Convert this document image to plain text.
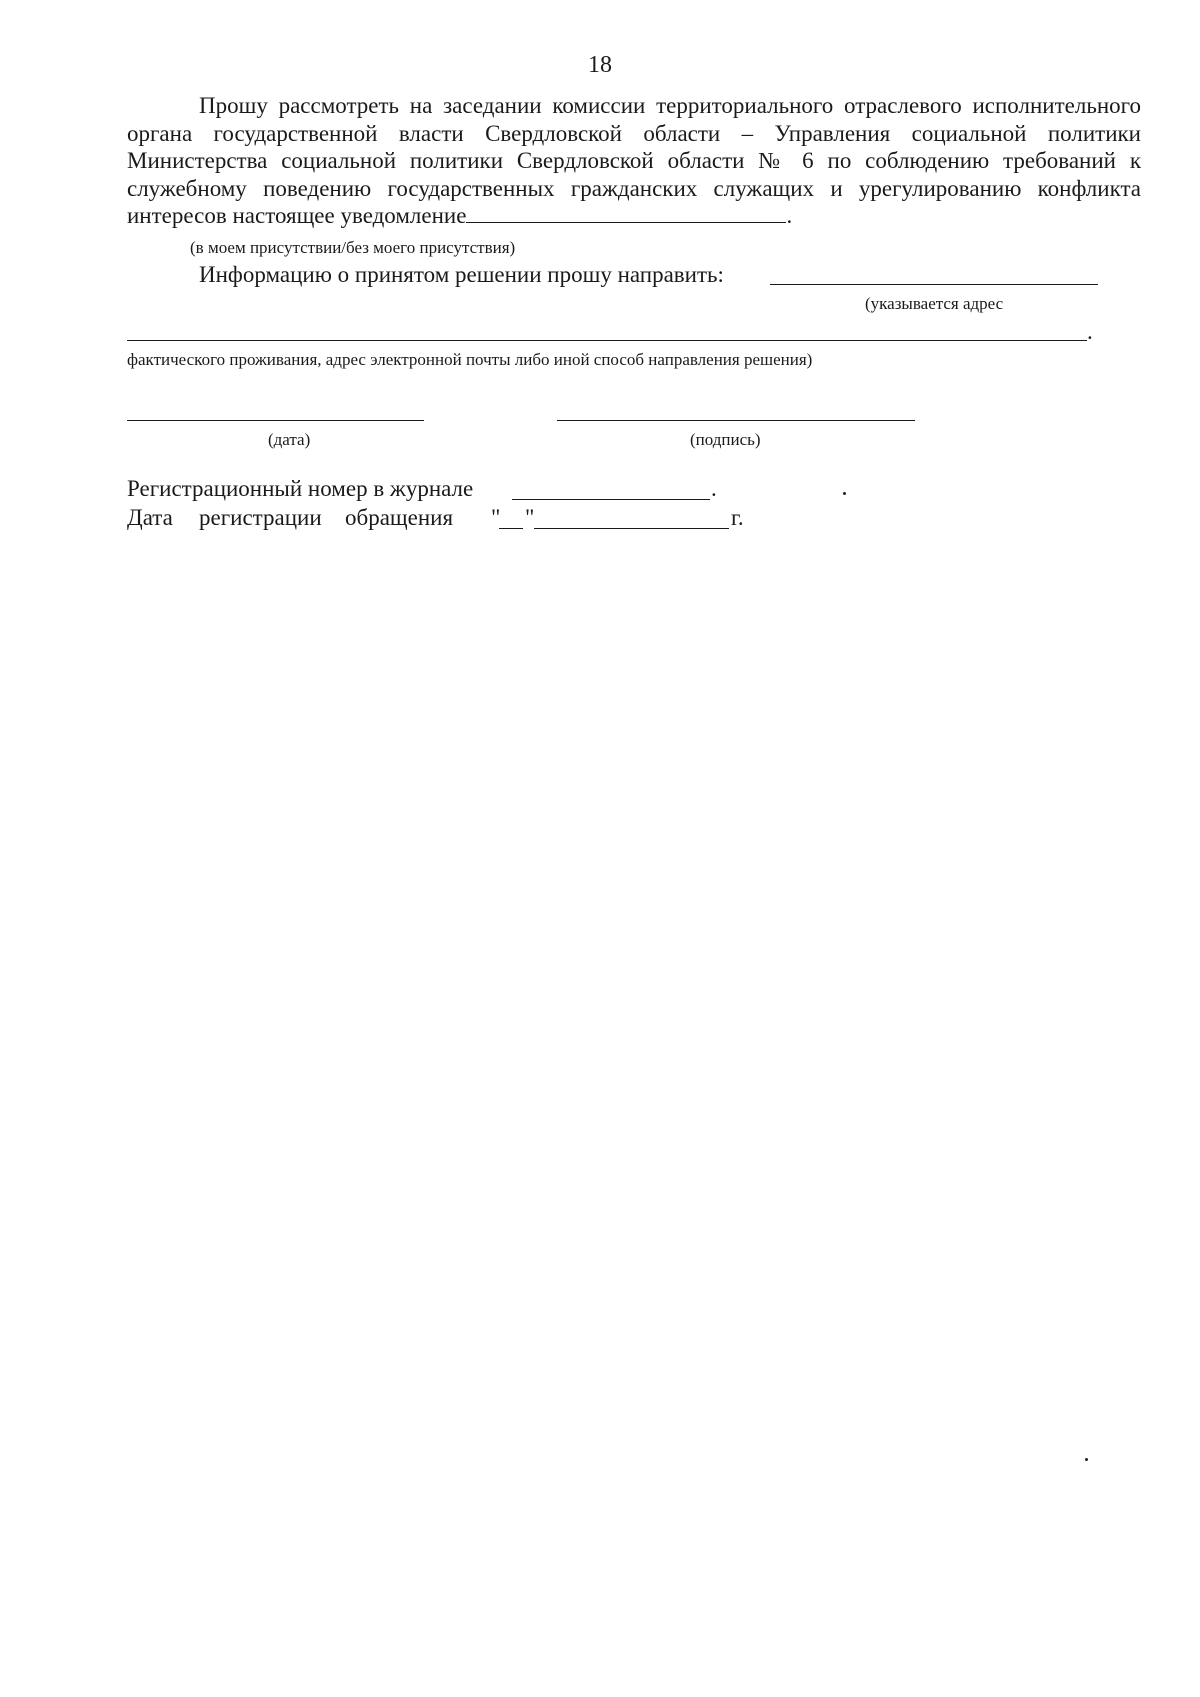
18
Прошу рассмотреть на заседании комиссии территориального отраслевого исполнительного органа государственной власти Свердловской области – Управления социальной политики Министерства социальной политики Свердловской области № 6 по соблюдению требований к служебному поведению государственных гражданских служащих и урегулированию конфликта интересов настоящее уведомление	.
(в моем присутствии/без моего присутствия)
Информацию о принятом решении прошу направить:
(указывается адрес
.
фактического проживания, адрес электронной почты либо иной способ направления решения)
(дата)	(подпись)
Регистрационный номер в журнале	.
Дата регистрации обращения " "	г.
